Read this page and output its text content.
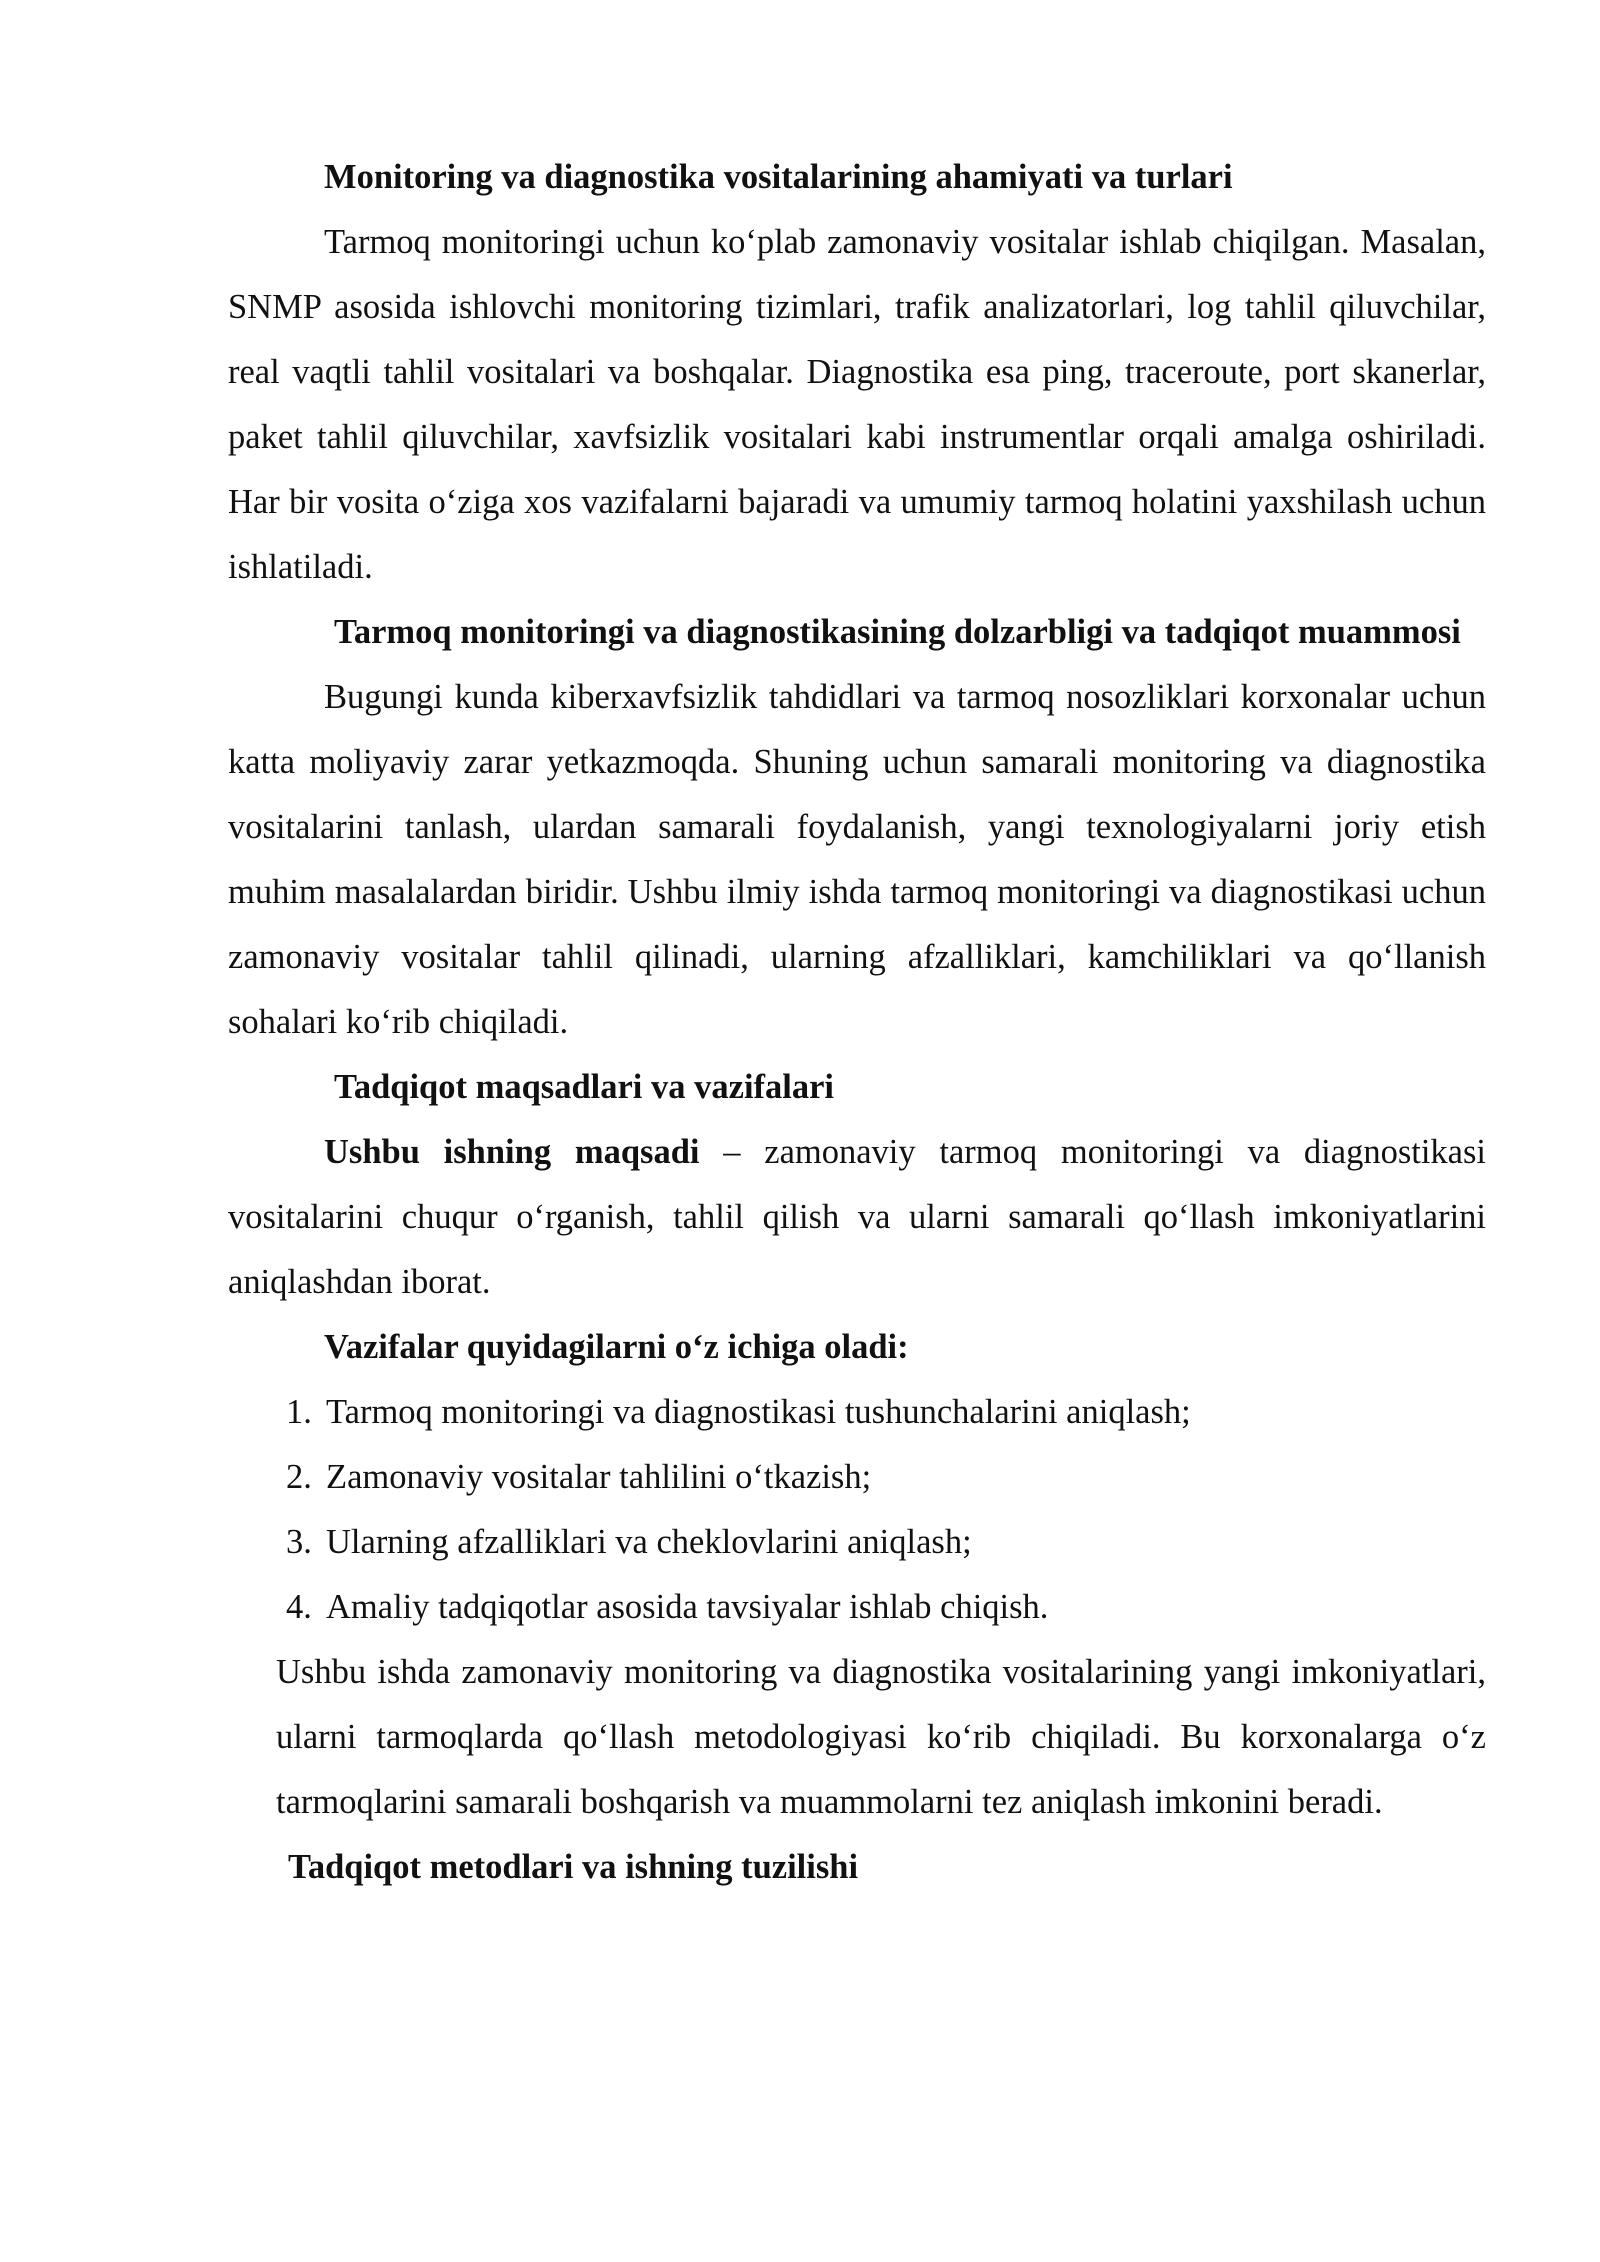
Monitoring va diagnostika vositalarining ahamiyati va turlari

Tarmoq monitoringi uchun ko‘plab zamonaviy vositalar ishlab chiqilgan. Masalan, SNMP asosida ishlovchi monitoring tizimlari, trafik analizatorlari, log tahlil qiluvchilar, real vaqtli tahlil vositalari va boshqalar. Diagnostika esa ping, traceroute, port skanerlar, paket tahlil qiluvchilar, xavfsizlik vositalari kabi instrumentlar orqali amalga oshiriladi. Har bir vosita o‘ziga xos vazifalarni bajaradi va umumiy tarmoq holatini yaxshilash uchun ishlatiladi.

Tarmoq monitoringi va diagnostikasining dolzarbligi va tadqiqot muammosi

Bugungi kunda kiberxavfsizlik tahdidlari va tarmoq nosozliklari korxonalar uchun katta moliyaviy zarar yetkazmoqda. Shuning uchun samarali monitoring va diagnostika vositalarini tanlash, ulardan samarali foydalanish, yangi texnologiyalarni joriy etish muhim masalalardan biridir. Ushbu ilmiy ishda tarmoq monitoringi va diagnostikasi uchun zamonaviy vositalar tahlil qilinadi, ularning afzalliklari, kamchiliklari va qo‘llanish sohalari ko‘rib chiqiladi.

Tadqiqot maqsadlari va vazifalari

Ushbu ishning maqsadi – zamonaviy tarmoq monitoringi va diagnostikasi vositalarini chuqur o‘rganish, tahlil qilish va ularni samarali qo‘llash imkoniyatlarini aniqlashdan iborat.

Vazifalar quyidagilarni o‘z ichiga oladi:

1. Tarmoq monitoringi va diagnostikasi tushunchalarini aniqlash;
2. Zamonaviy vositalar tahlilini o‘tkazish;
3. Ularning afzalliklari va cheklovlarini aniqlash;
4. Amaliy tadqiqotlar asosida tavsiyalar ishlab chiqish.

Ushbu ishda zamonaviy monitoring va diagnostika vositalarining yangi imkoniyatlari, ularni tarmoqlarda qo‘llash metodologiyasi ko‘rib chiqiladi. Bu korxonalarga o‘z tarmoqlarini samarali boshqarish va muammolarni tez aniqlash imkonini beradi.

Tadqiqot metodlari va ishning tuzilishi
